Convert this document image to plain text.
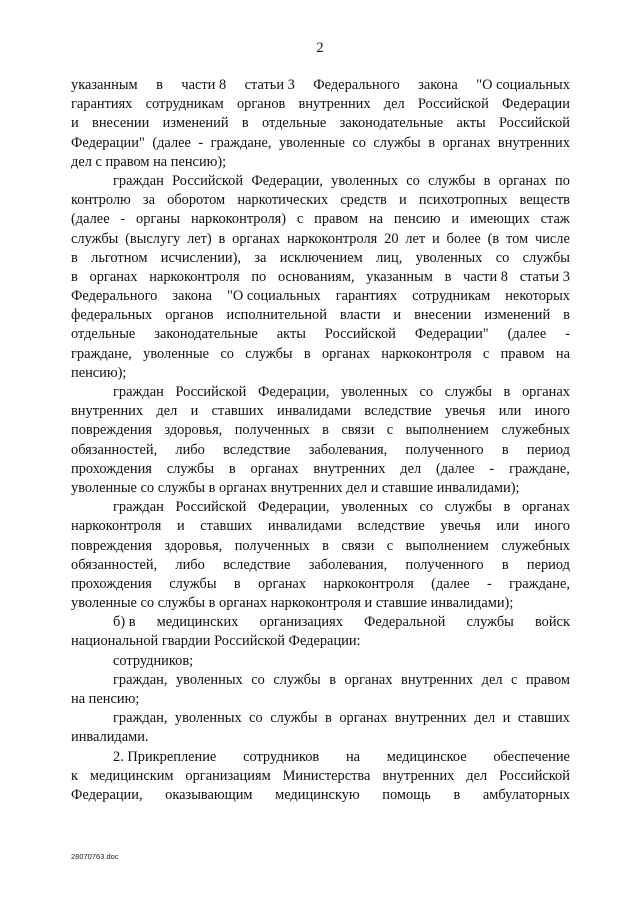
2
указанным в части 8 статьи 3 Федерального закона "О социальных
гарантиях сотрудникам органов внутренних дел Российской Федерации
и внесении изменений в отдельные законодательные акты Российской
Федерации" (далее - граждане, уволенные со службы в органах внутренних
дел с правом на пенсию);
граждан Российской Федерации, уволенных со службы в органах по
контролю за оборотом наркотических средств и психотропных веществ
(далее - органы наркоконтроля) с правом на пенсию и имеющих стаж
службы (выслугу лет) в органах наркоконтроля 20 лет и более (в том числе
в льготном исчислении), за исключением лиц, уволенных со службы
в органах наркоконтроля по основаниям, указанным в части 8 статьи 3
Федерального закона "О социальных гарантиях сотрудникам некоторых
федеральных органов исполнительной власти и внесении изменений в
отдельные законодательные акты Российской Федерации" (далее -
граждане, уволенные со службы в органах наркоконтроля с правом на
пенсию);
граждан Российской Федерации, уволенных со службы в органах
внутренних дел и ставших инвалидами вследствие увечья или иного
повреждения здоровья, полученных в связи с выполнением служебных
обязанностей, либо вследствие заболевания, полученного в период
прохождения службы в органах внутренних дел (далее - граждане,
уволенные со службы в органах внутренних дел и ставшие инвалидами);
граждан Российской Федерации, уволенных со службы в органах
наркоконтроля и ставших инвалидами вследствие увечья или иного
повреждения здоровья, полученных в связи с выполнением служебных
обязанностей, либо вследствие заболевания, полученного в период
прохождения службы в органах наркоконтроля (далее - граждане,
уволенные со службы в органах наркоконтроля и ставшие инвалидами);
б) в медицинских организациях Федеральной службы войск
национальной гвардии Российской Федерации:
сотрудников;
граждан, уволенных со службы в органах внутренних дел с правом
на пенсию;
граждан, уволенных со службы в органах внутренних дел и ставших
инвалидами.
2. Прикрепление сотрудников на медицинское обеспечение
к медицинским организациям Министерства внутренних дел Российской
Федерации, оказывающим медицинскую помощь в амбулаторных
28070763.doc
